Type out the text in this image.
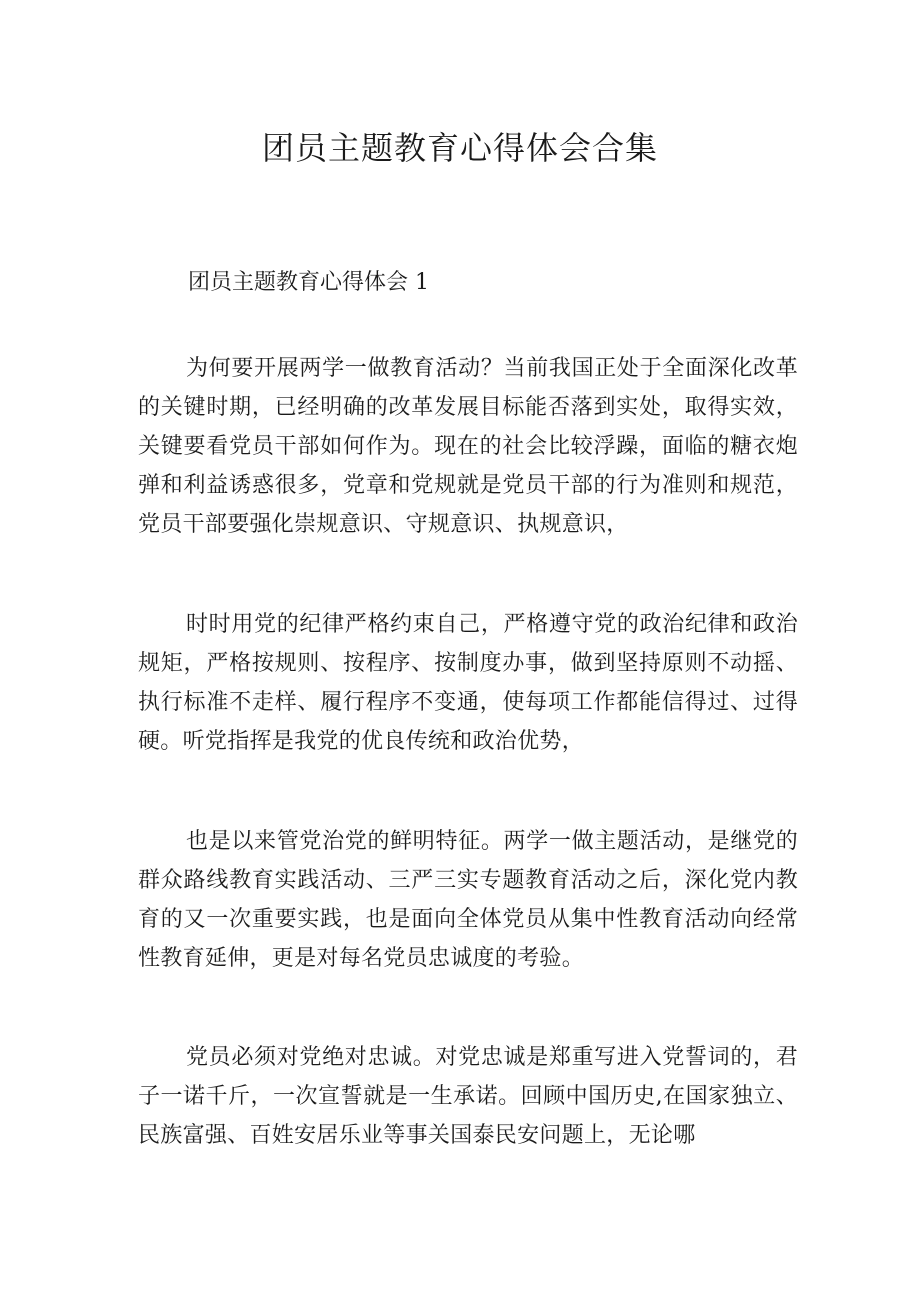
团员主题教育心得体会合集

团员主题教育心得体会 1

为何要开展两学一做教育活动？当前我国正处于全面深化改革的关键时期，已经明确的改革发展目标能否落到实处，取得实效，关键要看党员干部如何作为。现在的社会比较浮躁，面临的糖衣炮弹和利益诱惑很多，党章和党规就是党员干部的行为准则和规范，党员干部要强化崇规意识、守规意识、执规意识，

时时用党的纪律严格约束自己，严格遵守党的政治纪律和政治规矩，严格按规则、按程序、按制度办事，做到坚持原则不动摇、执行标准不走样、履行程序不变通，使每项工作都能信得过、过得硬。听党指挥是我党的优良传统和政治优势，

也是以来管党治党的鲜明特征。两学一做主题活动，是继党的群众路线教育实践活动、三严三实专题教育活动之后，深化党内教育的又一次重要实践，也是面向全体党员从集中性教育活动向经常性教育延伸，更是对每名党员忠诚度的考验。

党员必须对党绝对忠诚。对党忠诚是郑重写进入党誓词的，君子一诺千斤，一次宣誓就是一生承诺。回顾中国历史,在国家独立、民族富强、百姓安居乐业等事关国泰民安问题上，无论哪
